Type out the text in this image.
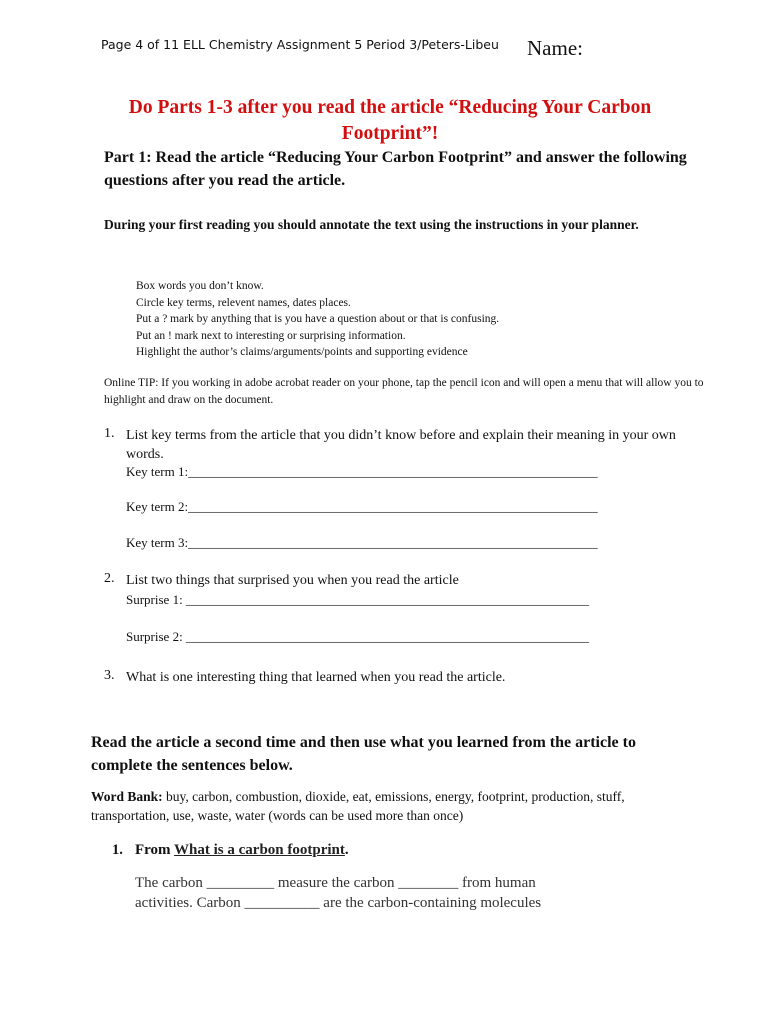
Page 4 of 11 ELL Chemistry Assignment 5 Period 3/Peters-Libeu Name:
Do Parts 1-3 after you read the article “Reducing Your Carbon Footprint”!
Part 1: Read the article “Reducing Your Carbon Footprint” and answer the following questions after you read the article.
During your first reading you should annotate the text using the instructions in your planner.
Box words you don’t know.
Circle key terms, relevent names, dates places.
Put a ? mark by anything that is you have a question about or that is confusing.
Put an ! mark next to interesting or surprising information.
Highlight the author’s claims/arguments/points and supporting evidence
Online TIP: If you working in adobe acrobat reader on your phone, tap the pencil icon and will open a menu that will allow you to highlight and draw on the document.
1. List key terms from the article that you didn’t know before and explain their meaning in your own words.
Key term 1:_______________________________________________________________
Key term 2:_______________________________________________________________
Key term 3:_______________________________________________________________
2. List two things that surprised you when you read the article
Surprise 1: ______________________________________________________________
Surprise 2: ______________________________________________________________
3. What is one interesting thing that learned when you read the article.
Read the article a second time and then use what you learned from the article to complete the sentences below.
Word Bank: buy, carbon, combustion, dioxide, eat, emissions, energy, footprint, production, stuff, transportation, use, waste, water (words can be used more than once)
1. From What is a carbon footprint.
The carbon _________ measure the carbon ________ from human
activities. Carbon __________ are the carbon-containing molecules
